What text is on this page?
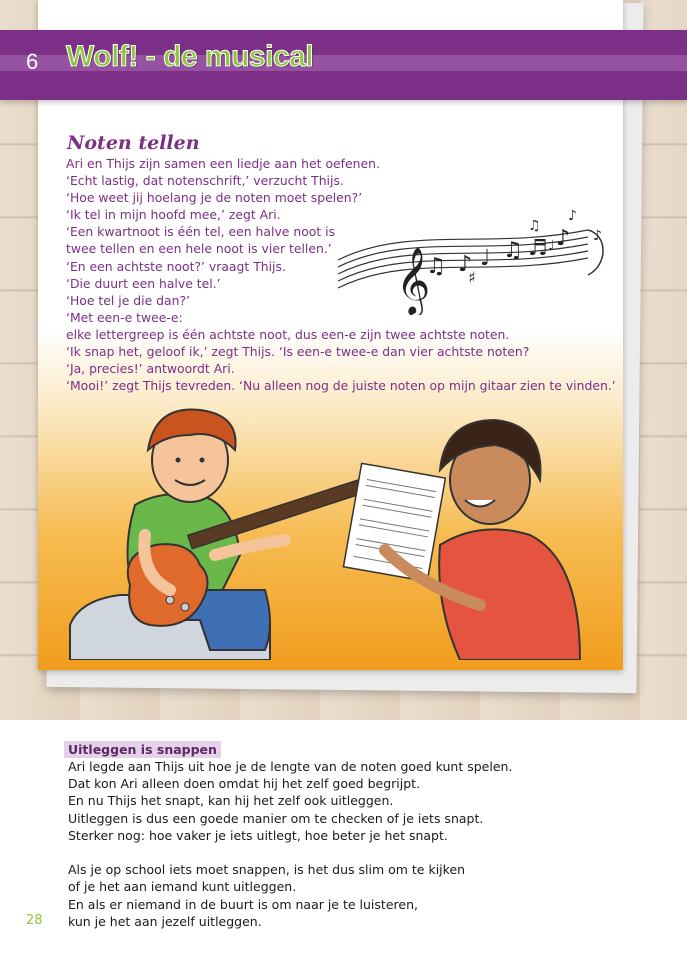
6 Wolf! - de musical
Noten tellen
Ari en Thijs zijn samen een liedje aan het oefenen.
‘Echt lastig, dat notenschrift,’ verzucht Thijs.
‘Hoe weet jij hoelang je de noten moet spelen?’
‘Ik tel in mijn hoofd mee,’ zegt Ari.
‘Een kwartnoot is één tel, een halve noot is
twee tellen en een hele noot is vier tellen.’
‘En een achtste noot?’ vraagt Thijs.
‘Die duurt een halve tel.’
‘Hoe tel je die dan?’
‘Met een-e twee-e:
elke lettergreep is één achtste noot, dus een-e zijn twee achtste noten.
‘Ik snap het, geloof ik,’ zegt Thijs. ‘Is een-e twee-e dan vier achtste noten?
‘Ja, precies!’ antwoordt Ari.
‘Mooi!’ zegt Thijs tevreden. ‘Nu alleen nog de juiste noten op mijn gitaar zien te vinden.’
𝄞
♫ ♪ ♩ ♫ ♬ ♪
♯
♫
♪
♪
♩
Uitleggen is snappen
Ari legde aan Thijs uit hoe je de lengte van de noten goed kunt spelen.
Dat kon Ari alleen doen omdat hij het zelf goed begrijpt.
En nu Thijs het snapt, kan hij het zelf ook uitleggen.
Uitleggen is dus een goede manier om te checken of je iets snapt.
Sterker nog: hoe vaker je iets uitlegt, hoe beter je het snapt.

Als je op school iets moet snappen, is het dus slim om te kijken
of je het aan iemand kunt uitleggen.
En als er niemand in de buurt is om naar je te luisteren,
kun je het aan jezelf uitleggen.
28
